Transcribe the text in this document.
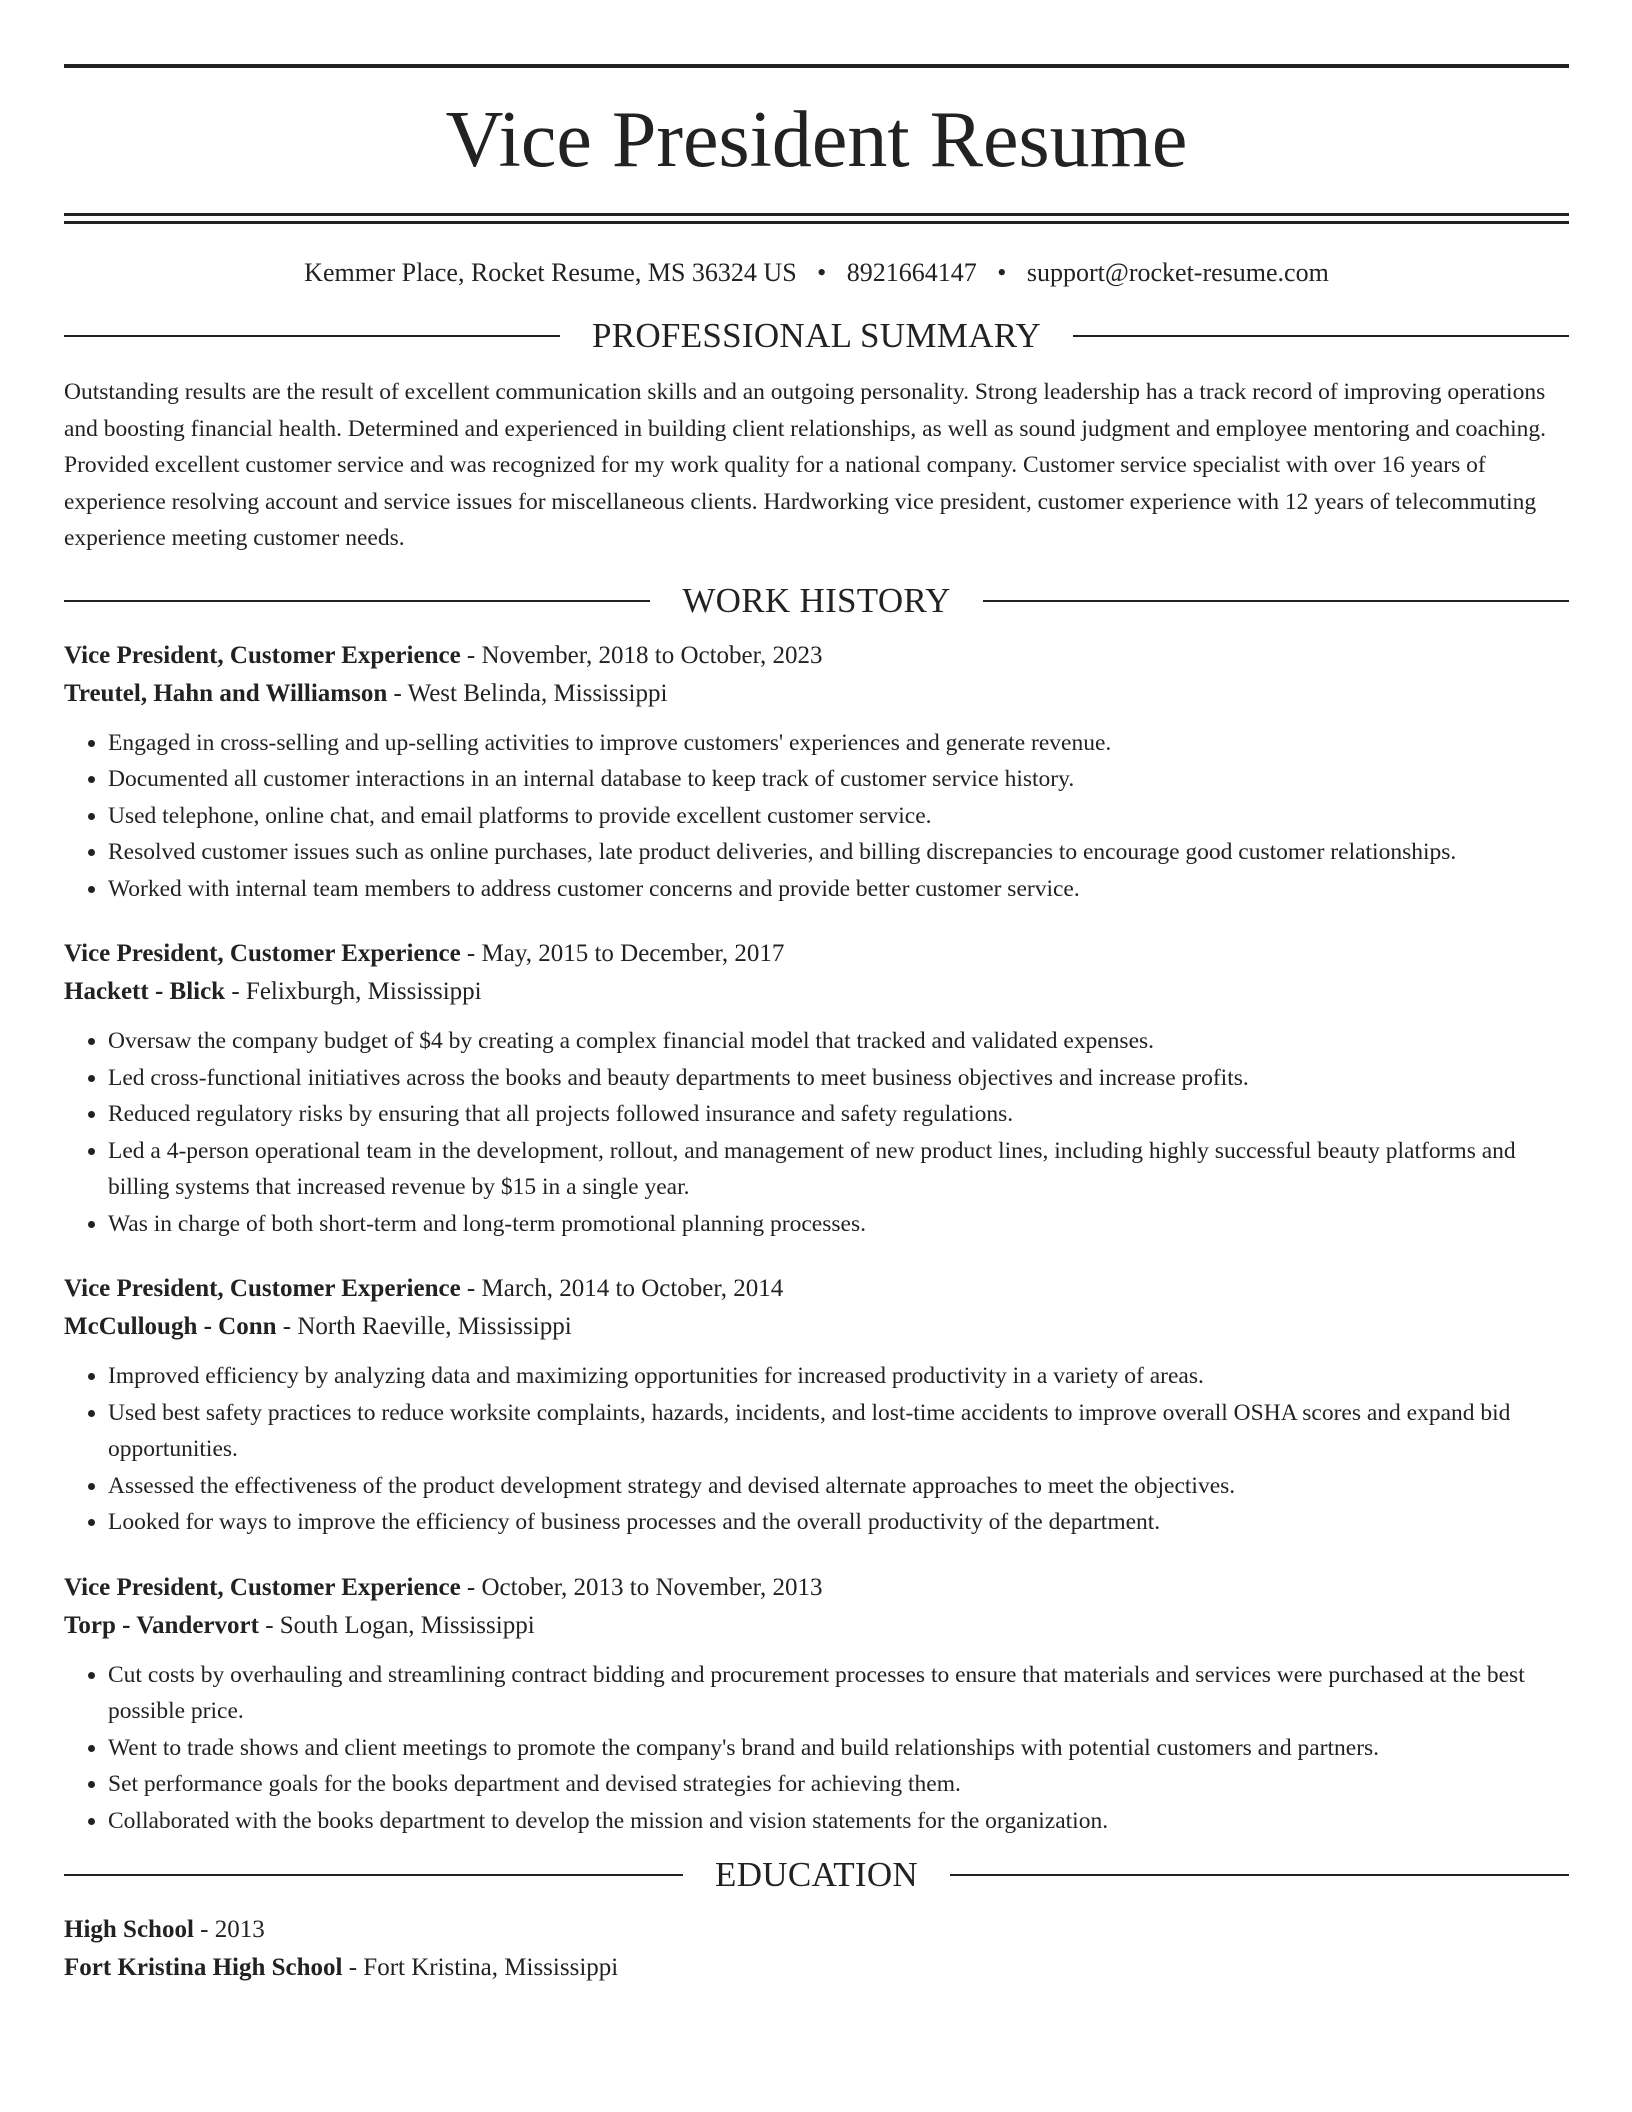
Vice President Resume
Kemmer Place, Rocket Resume, MS 36324 US • 8921664147 • support@rocket-resume.com
PROFESSIONAL SUMMARY
Outstanding results are the result of excellent communication skills and an outgoing personality. Strong leadership has a track record of improving operations and boosting financial health. Determined and experienced in building client relationships, as well as sound judgment and employee mentoring and coaching. Provided excellent customer service and was recognized for my work quality for a national company. Customer service specialist with over 16 years of experience resolving account and service issues for miscellaneous clients. Hardworking vice president, customer experience with 12 years of telecommuting experience meeting customer needs.
WORK HISTORY
Vice President, Customer Experience - November, 2018 to October, 2023
Treutel, Hahn and Williamson - West Belinda, Mississippi
• Engaged in cross-selling and up-selling activities to improve customers' experiences and generate revenue.
• Documented all customer interactions in an internal database to keep track of customer service history.
• Used telephone, online chat, and email platforms to provide excellent customer service.
• Resolved customer issues such as online purchases, late product deliveries, and billing discrepancies to encourage good customer relationships.
• Worked with internal team members to address customer concerns and provide better customer service.
Vice President, Customer Experience - May, 2015 to December, 2017
Hackett - Blick - Felixburgh, Mississippi
• Oversaw the company budget of $4 by creating a complex financial model that tracked and validated expenses.
• Led cross-functional initiatives across the books and beauty departments to meet business objectives and increase profits.
• Reduced regulatory risks by ensuring that all projects followed insurance and safety regulations.
• Led a 4-person operational team in the development, rollout, and management of new product lines, including highly successful beauty platforms and billing systems that increased revenue by $15 in a single year.
• Was in charge of both short-term and long-term promotional planning processes.
Vice President, Customer Experience - March, 2014 to October, 2014
McCullough - Conn - North Raeville, Mississippi
• Improved efficiency by analyzing data and maximizing opportunities for increased productivity in a variety of areas.
• Used best safety practices to reduce worksite complaints, hazards, incidents, and lost-time accidents to improve overall OSHA scores and expand bid opportunities.
• Assessed the effectiveness of the product development strategy and devised alternate approaches to meet the objectives.
• Looked for ways to improve the efficiency of business processes and the overall productivity of the department.
Vice President, Customer Experience - October, 2013 to November, 2013
Torp - Vandervort - South Logan, Mississippi
• Cut costs by overhauling and streamlining contract bidding and procurement processes to ensure that materials and services were purchased at the best possible price.
• Went to trade shows and client meetings to promote the company's brand and build relationships with potential customers and partners.
• Set performance goals for the books department and devised strategies for achieving them.
• Collaborated with the books department to develop the mission and vision statements for the organization.
EDUCATION
High School - 2013
Fort Kristina High School - Fort Kristina, Mississippi
